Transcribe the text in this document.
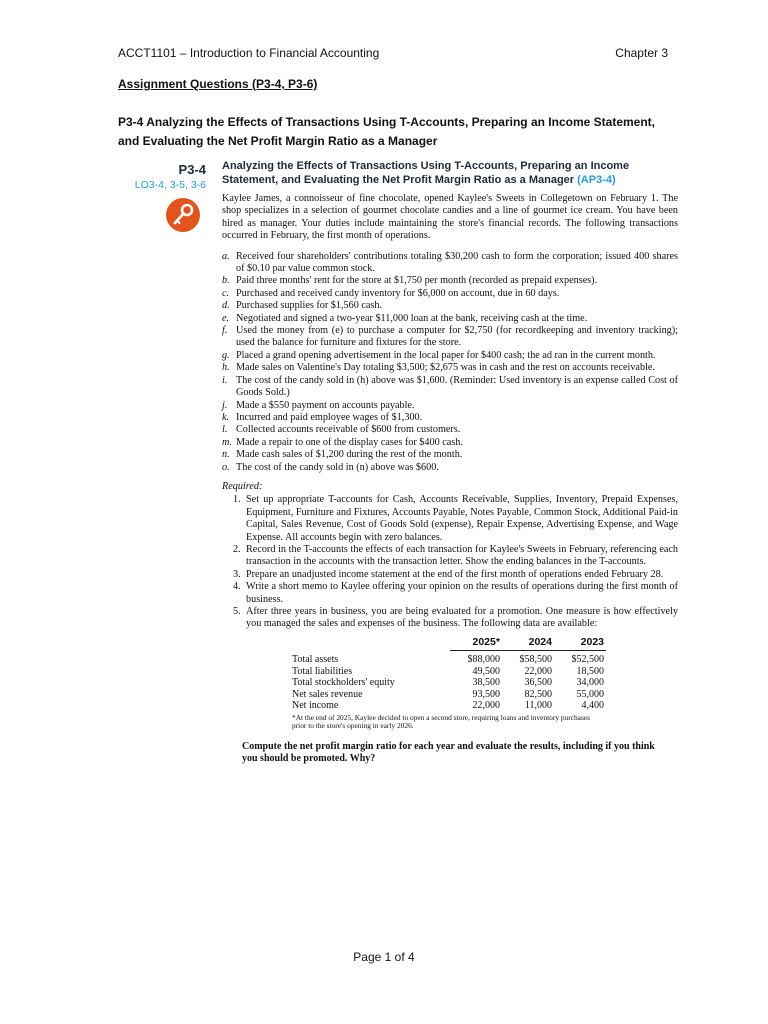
ACCT1101 – Introduction to Financial Accounting	Chapter 3
Assignment Questions (P3-4, P3-6)
P3-4 Analyzing the Effects of Transactions Using T-Accounts, Preparing an Income Statement, and Evaluating the Net Profit Margin Ratio as a Manager
P3-4
LO3-4, 3-5, 3-6
Analyzing the Effects of Transactions Using T-Accounts, Preparing an Income Statement, and Evaluating the Net Profit Margin Ratio as a Manager (AP3-4)

Kaylee James, a connoisseur of fine chocolate, opened Kaylee's Sweets in Collegetown on February 1. The shop specializes in a selection of gourmet chocolate candies and a line of gourmet ice cream. You have been hired as manager. Your duties include maintaining the store's financial records. The following transactions occurred in February, the first month of operations.

a. Received four shareholders' contributions totaling $30,200 cash to form the corporation; issued 400 shares of $0.10 par value common stock.
b. Paid three months' rent for the store at $1,750 per month (recorded as prepaid expenses).
c. Purchased and received candy inventory for $6,000 on account, due in 60 days.
d. Purchased supplies for $1,560 cash.
e. Negotiated and signed a two-year $11,000 loan at the bank, receiving cash at the time.
f. Used the money from (e) to purchase a computer for $2,750 (for recordkeeping and inventory tracking); used the balance for furniture and fixtures for the store.
g. Placed a grand opening advertisement in the local paper for $400 cash; the ad ran in the current month.
h. Made sales on Valentine's Day totaling $3,500; $2,675 was in cash and the rest on accounts receivable.
i. The cost of the candy sold in (h) above was $1,600. (Reminder: Used inventory is an expense called Cost of Goods Sold.)
j. Made a $550 payment on accounts payable.
k. Incurred and paid employee wages of $1,300.
l. Collected accounts receivable of $600 from customers.
m. Made a repair to one of the display cases for $400 cash.
n. Made cash sales of $1,200 during the rest of the month.
o. The cost of the candy sold in (n) above was $600.
Required:
1. Set up appropriate T-accounts for Cash, Accounts Receivable, Supplies, Inventory, Prepaid Expenses, Equipment, Furniture and Fixtures, Accounts Payable, Notes Payable, Common Stock, Additional Paid-in Capital, Sales Revenue, Cost of Goods Sold (expense), Repair Expense, Advertising Expense, and Wage Expense. All accounts begin with zero balances.
2. Record in the T-accounts the effects of each transaction for Kaylee's Sweets in February, referencing each transaction in the accounts with the transaction letter. Show the ending balances in the T-accounts.
3. Prepare an unadjusted income statement at the end of the first month of operations ended February 28.
4. Write a short memo to Kaylee offering your opinion on the results of operations during the first month of business.
5. After three years in business, you are being evaluated for a promotion. One measure is how effectively you managed the sales and expenses of the business. The following data are available:
	2025*	2024	2023
Total assets	$88,000	$58,500	$52,500
Total liabilities	49,500	22,000	18,500
Total stockholders' equity	38,500	36,500	34,000
Net sales revenue	93,500	82,500	55,000
Net income	22,000	11,000	4,400
*At the end of 2025, Kaylee decided to open a second store, requiring loans and inventory purchases prior to the store's opening in early 2026.
Compute the net profit margin ratio for each year and evaluate the results, including if you think you should be promoted. Why?
Page 1 of 4
